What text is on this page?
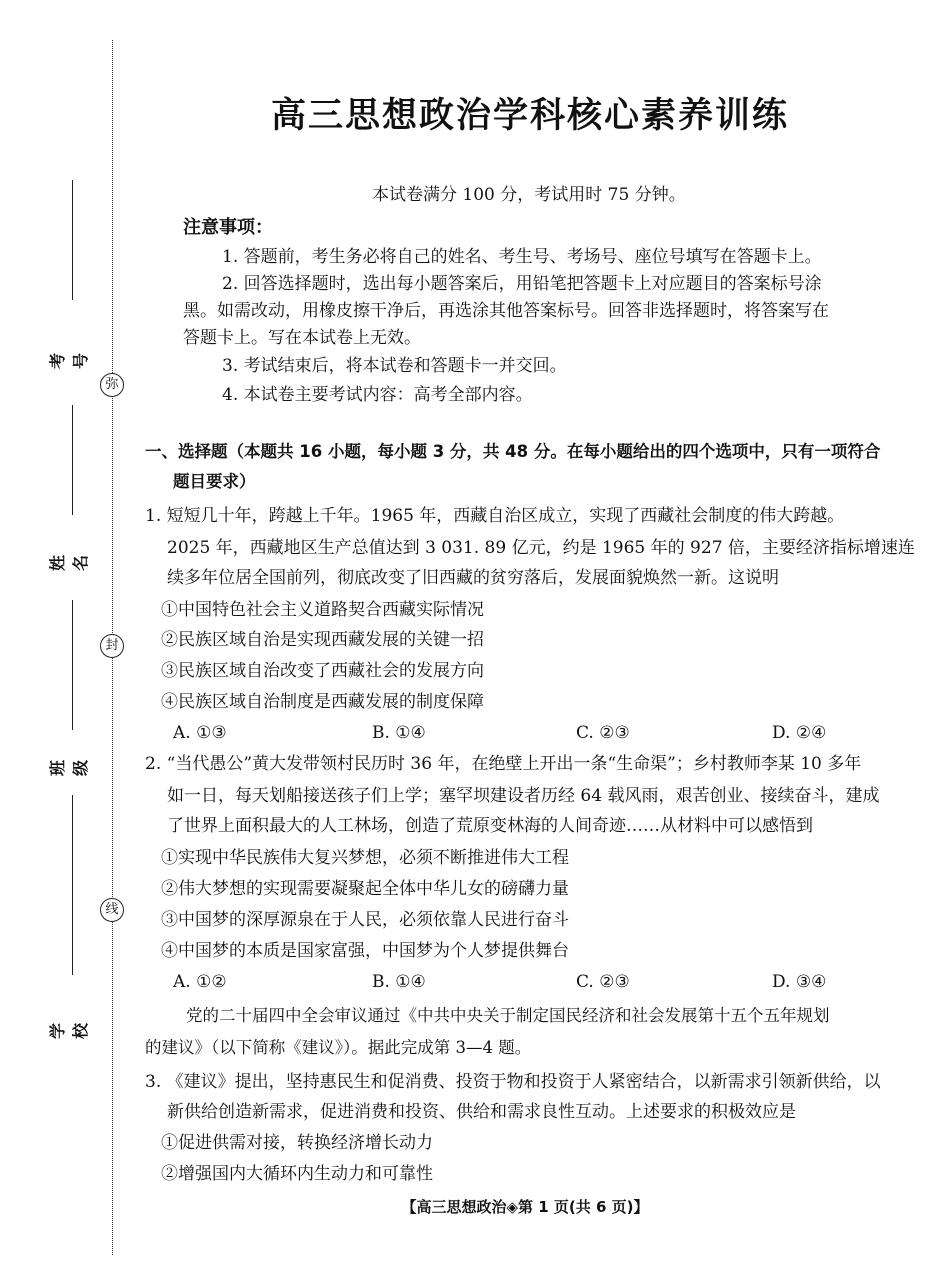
考号
姓名
班级
学校
弥
封
线
高三思想政治学科核心素养训练
本试卷满分 100 分，考试用时 75 分钟。
注意事项：
1. 答题前，考生务必将自己的姓名、考生号、考场号、座位号填写在答题卡上。
2. 回答选择题时，选出每小题答案后，用铅笔把答题卡上对应题目的答案标号涂
黑。如需改动，用橡皮擦干净后，再选涂其他答案标号。回答非选择题时，将答案写在
答题卡上。写在本试卷上无效。
3. 考试结束后，将本试卷和答题卡一并交回。
4. 本试卷主要考试内容：高考全部内容。
一、选择题（本题共 16 小题，每小题 3 分，共 48 分。在每小题给出的四个选项中，只有一项符合
题目要求）
1. 短短几十年，跨越上千年。1965 年，西藏自治区成立，实现了西藏社会制度的伟大跨越。
2025 年，西藏地区生产总值达到 3 031. 89 亿元，约是 1965 年的 927 倍，主要经济指标增速连
续多年位居全国前列，彻底改变了旧西藏的贫穷落后，发展面貌焕然一新。这说明
①中国特色社会主义道路契合西藏实际情况
②民族区域自治是实现西藏发展的关键一招
③民族区域自治改变了西藏社会的发展方向
④民族区域自治制度是西藏发展的制度保障
A. ①③	B. ①④	C. ②③	D. ②④
2. “当代愚公”黄大发带领村民历时 36 年，在绝壁上开出一条“生命渠”；乡村教师李某 10 多年
如一日，每天划船接送孩子们上学；塞罕坝建设者历经 64 载风雨，艰苦创业、接续奋斗，建成
了世界上面积最大的人工林场，创造了荒原变林海的人间奇迹……从材料中可以感悟到
①实现中华民族伟大复兴梦想，必须不断推进伟大工程
②伟大梦想的实现需要凝聚起全体中华儿女的磅礴力量
③中国梦的深厚源泉在于人民，必须依靠人民进行奋斗
④中国梦的本质是国家富强，中国梦为个人梦提供舞台
A. ①②	B. ①④	C. ②③	D. ③④
党的二十届四中全会审议通过《中共中央关于制定国民经济和社会发展第十五个五年规划
的建议》（以下简称《建议》）。据此完成第 3—4 题。
3. 《建议》提出，坚持惠民生和促消费、投资于物和投资于人紧密结合，以新需求引领新供给，以
新供给创造新需求，促进消费和投资、供给和需求良性互动。上述要求的积极效应是
①促进供需对接，转换经济增长动力
②增强国内大循环内生动力和可靠性
【高三思想政治◈第 1 页(共 6 页)】
